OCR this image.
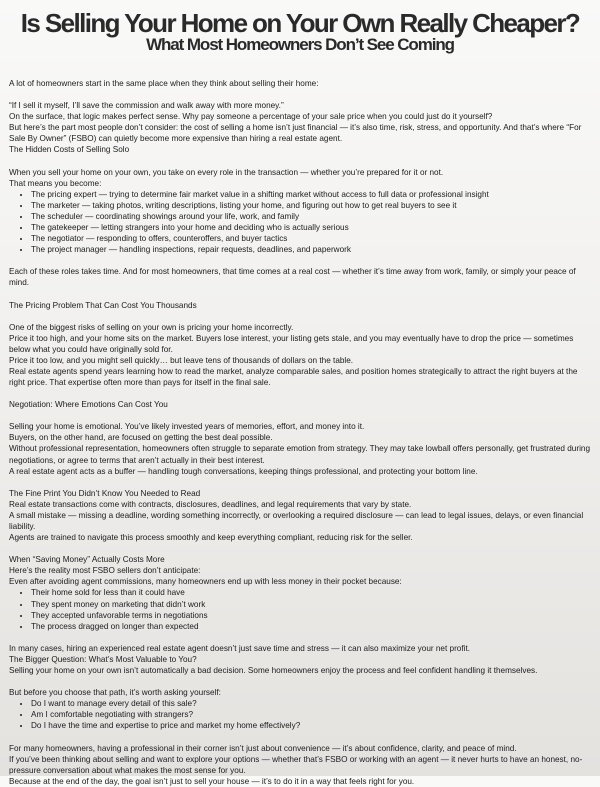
Is Selling Your Home on Your Own Really Cheaper?
What Most Homeowners Don’t See Coming

A lot of homeowners start in the same place when they think about selling their home:

“If I sell it myself, I’ll save the commission and walk away with more money.”

On the surface, that logic makes perfect sense. Why pay someone a percentage of your sale price when you could just do it yourself?

But here’s the part most people don’t consider: the cost of selling a home isn’t just financial — it’s also time, risk, stress, and opportunity. And that’s where “For Sale By Owner” (FSBO) can quietly become more expensive than hiring a real estate agent.

The Hidden Costs of Selling Solo

When you sell your home on your own, you take on every role in the transaction — whether you’re prepared for it or not.

That means you become:

• The pricing expert — trying to determine fair market value in a shifting market without access to full data or professional insight
• The marketer — taking photos, writing descriptions, listing your home, and figuring out how to get real buyers to see it
• The scheduler — coordinating showings around your life, work, and family
• The gatekeeper — letting strangers into your home and deciding who is actually serious
• The negotiator — responding to offers, counteroffers, and buyer tactics
• The project manager — handling inspections, repair requests, deadlines, and paperwork

Each of these roles takes time. And for most homeowners, that time comes at a real cost — whether it’s time away from work, family, or simply your peace of mind.

The Pricing Problem That Can Cost You Thousands

One of the biggest risks of selling on your own is pricing your home incorrectly.

Price it too high, and your home sits on the market. Buyers lose interest, your listing gets stale, and you may eventually have to drop the price — sometimes below what you could have originally sold for.

Price it too low, and you might sell quickly… but leave tens of thousands of dollars on the table.

Real estate agents spend years learning how to read the market, analyze comparable sales, and position homes strategically to attract the right buyers at the right price. That expertise often more than pays for itself in the final sale.

Negotiation: Where Emotions Can Cost You

Selling your home is emotional. You’ve likely invested years of memories, effort, and money into it.

Buyers, on the other hand, are focused on getting the best deal possible.

Without professional representation, homeowners often struggle to separate emotion from strategy. They may take lowball offers personally, get frustrated during negotiations, or agree to terms that aren’t actually in their best interest.

A real estate agent acts as a buffer — handling tough conversations, keeping things professional, and protecting your bottom line.

The Fine Print You Didn’t Know You Needed to Read

Real estate transactions come with contracts, disclosures, deadlines, and legal requirements that vary by state.

A small mistake — missing a deadline, wording something incorrectly, or overlooking a required disclosure — can lead to legal issues, delays, or even financial liability.

Agents are trained to navigate this process smoothly and keep everything compliant, reducing risk for the seller.

When “Saving Money” Actually Costs More

Here’s the reality most FSBO sellers don’t anticipate:

Even after avoiding agent commissions, many homeowners end up with less money in their pocket because:

• Their home sold for less than it could have
• They spent money on marketing that didn’t work
• They accepted unfavorable terms in negotiations
• The process dragged on longer than expected

In many cases, hiring an experienced real estate agent doesn’t just save time and stress — it can also maximize your net profit.

The Bigger Question: What’s Most Valuable to You?

Selling your home on your own isn’t automatically a bad decision. Some homeowners enjoy the process and feel confident handling it themselves.

But before you choose that path, it’s worth asking yourself:

• Do I want to manage every detail of this sale?
• Am I comfortable negotiating with strangers?
• Do I have the time and expertise to price and market my home effectively?

For many homeowners, having a professional in their corner isn’t just about convenience — it’s about confidence, clarity, and peace of mind.

If you’ve been thinking about selling and want to explore your options — whether that’s FSBO or working with an agent — it never hurts to have an honest, no-pressure conversation about what makes the most sense for you.

Because at the end of the day, the goal isn’t just to sell your house — it’s to do it in a way that feels right for you.
